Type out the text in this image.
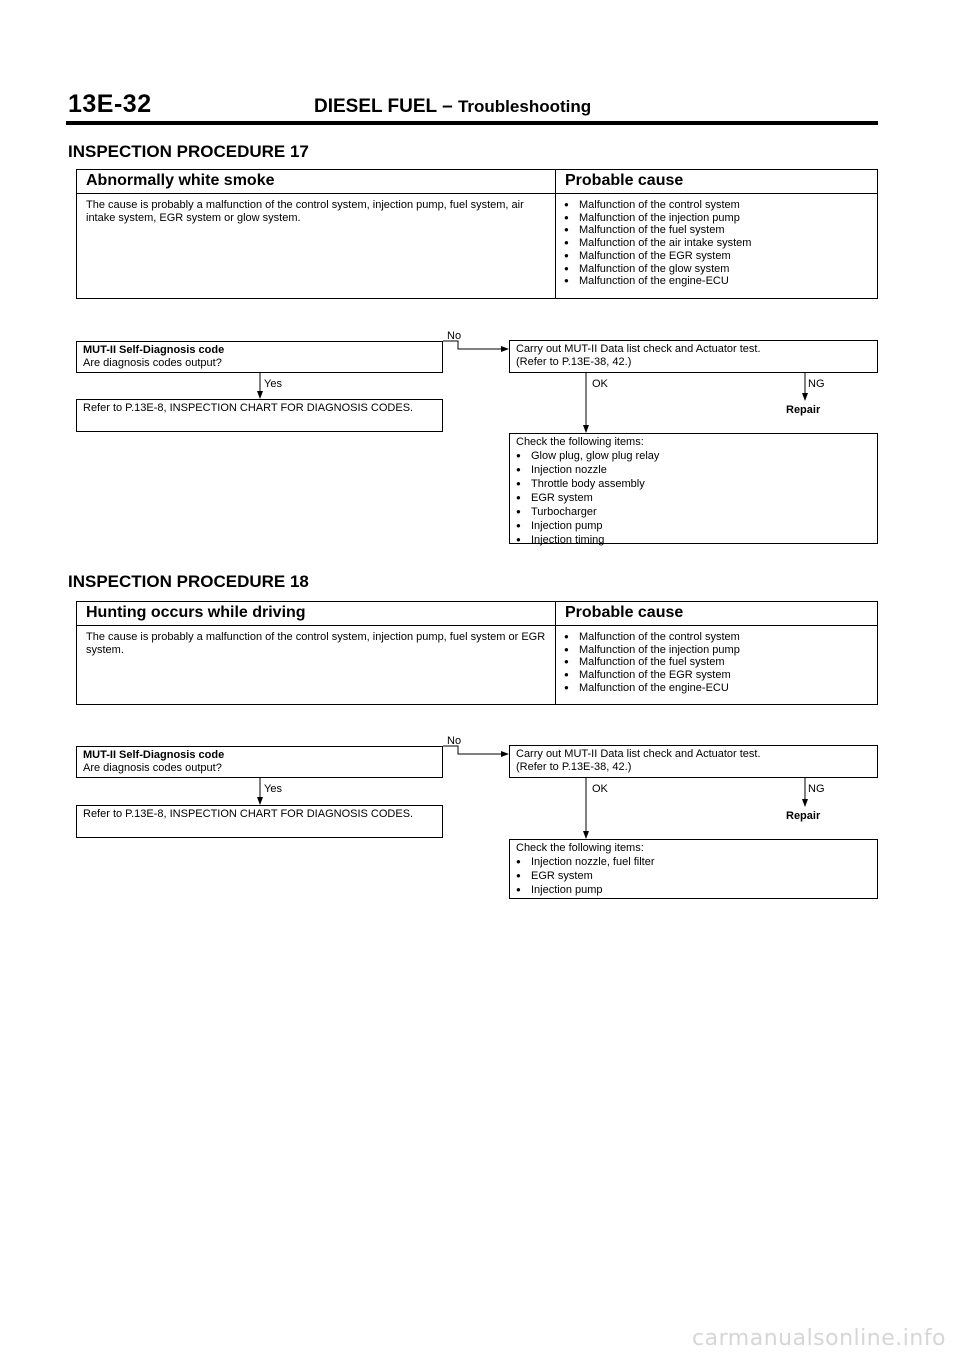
13E-32	DIESEL FUEL – Troubleshooting
INSPECTION PROCEDURE 17
Abnormally white smoke	Probable cause
The cause is probably a malfunction of the control system, injection pump, fuel system, air intake system, EGR system or glow system.
● Malfunction of the control system
● Malfunction of the injection pump
● Malfunction of the fuel system
● Malfunction of the air intake system
● Malfunction of the EGR system
● Malfunction of the glow system
● Malfunction of the engine-ECU
MUT-II Self-Diagnosis code
Are diagnosis codes output?
No
Carry out MUT-II Data list check and Actuator test.
(Refer to P.13E-38, 42.)
Yes
Refer to P.13E-8, INSPECTION CHART FOR DIAGNOSIS CODES.
OK	NG
Repair
Check the following items:
● Glow plug, glow plug relay
● Injection nozzle
● Throttle body assembly
● EGR system
● Turbocharger
● Injection pump
● Injection timing
INSPECTION PROCEDURE 18
Hunting occurs while driving	Probable cause
The cause is probably a malfunction of the control system, injection pump, fuel system or EGR system.
● Malfunction of the control system
● Malfunction of the injection pump
● Malfunction of the fuel system
● Malfunction of the EGR system
● Malfunction of the engine-ECU
MUT-II Self-Diagnosis code
Are diagnosis codes output?
No
Carry out MUT-II Data list check and Actuator test.
(Refer to P.13E-38, 42.)
Yes
Refer to P.13E-8, INSPECTION CHART FOR DIAGNOSIS CODES.
OK	NG
Repair
Check the following items:
● Injection nozzle, fuel filter
● EGR system
● Injection pump
carmanualsonline.info
